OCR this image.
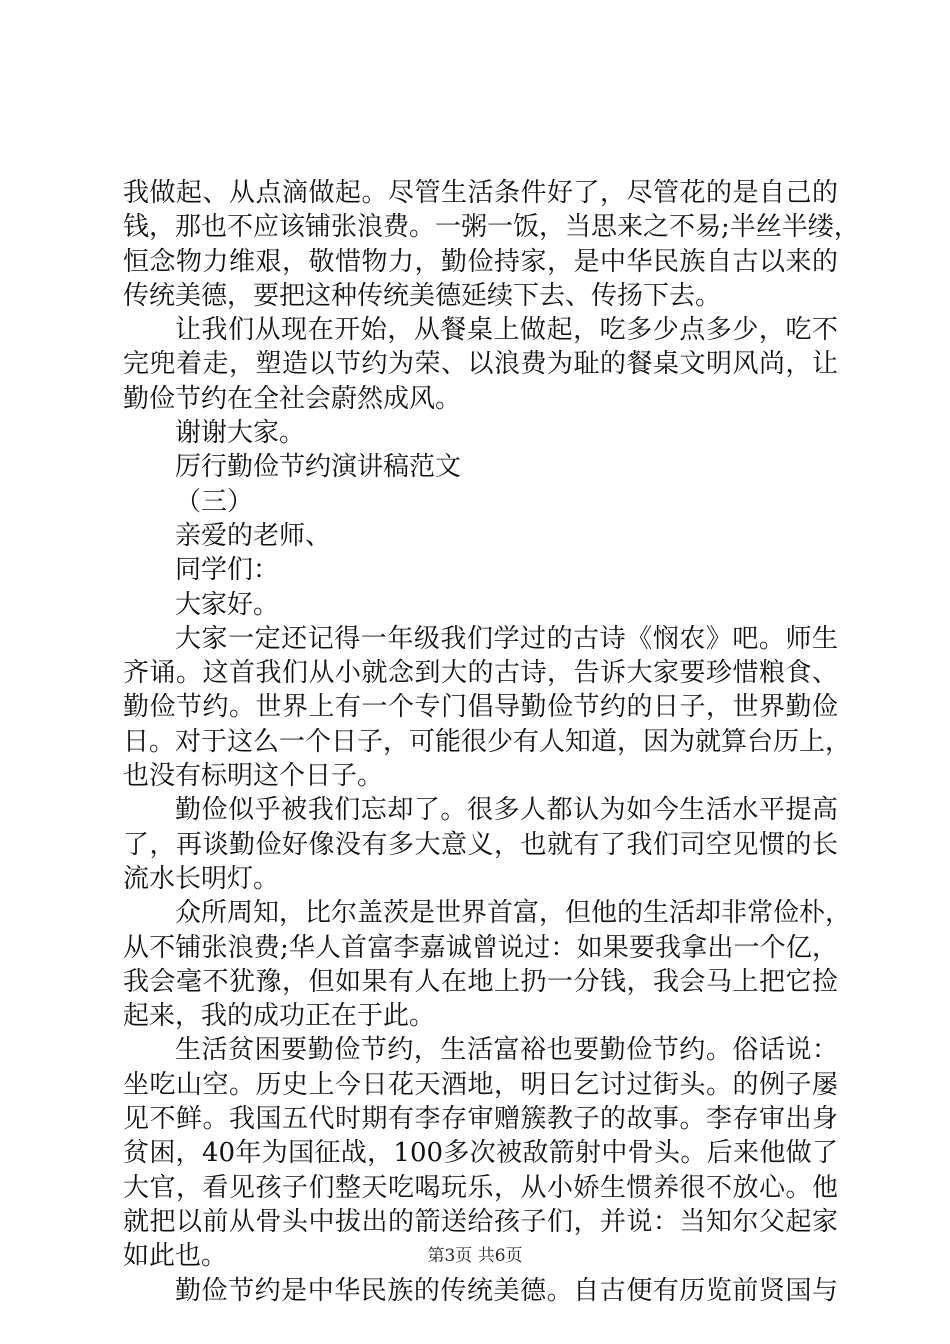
我做起、从点滴做起。尽管生活条件好了，尽管花的是自己的
钱，那也不应该铺张浪费。一粥一饭，当思来之不易;半丝半缕，
恒念物力维艰，敬惜物力，勤俭持家，是中华民族自古以来的
传统美德，要把这种传统美德延续下去、传扬下去。
让我们从现在开始，从餐桌上做起，吃多少点多少，吃不
完兜着走，塑造以节约为荣、以浪费为耻的餐桌文明风尚，让
勤俭节约在全社会蔚然成风。
谢谢大家。
厉行勤俭节约演讲稿范文
（三）
亲爱的老师、
同学们：
大家好。
大家一定还记得一年级我们学过的古诗《悯农》吧。师生
齐诵。这首我们从小就念到大的古诗，告诉大家要珍惜粮食、
勤俭节约。世界上有一个专门倡导勤俭节约的日子，世界勤俭
日。对于这么一个日子，可能很少有人知道，因为就算台历上，
也没有标明这个日子。
勤俭似乎被我们忘却了。很多人都认为如今生活水平提高
了，再谈勤俭好像没有多大意义，也就有了我们司空见惯的长
流水长明灯。
众所周知，比尔盖茨是世界首富，但他的生活却非常俭朴，
从不铺张浪费;华人首富李嘉诚曾说过：如果要我拿出一个亿，
我会毫不犹豫，但如果有人在地上扔一分钱，我会马上把它捡
起来，我的成功正在于此。
生活贫困要勤俭节约，生活富裕也要勤俭节约。俗话说：
坐吃山空。历史上今日花天酒地，明日乞讨过街头。的例子屡
见不鲜。我国五代时期有李存审赠簇教子的故事。李存审出身
贫困，40年为国征战，100多次被敌箭射中骨头。后来他做了
大官，看见孩子们整天吃喝玩乐，从小娇生惯养很不放心。他
就把以前从骨头中拔出的箭送给孩子们，并说：当知尔父起家
如此也。
勤俭节约是中华民族的传统美德。自古便有历览前贤国与
第3页 共6页
